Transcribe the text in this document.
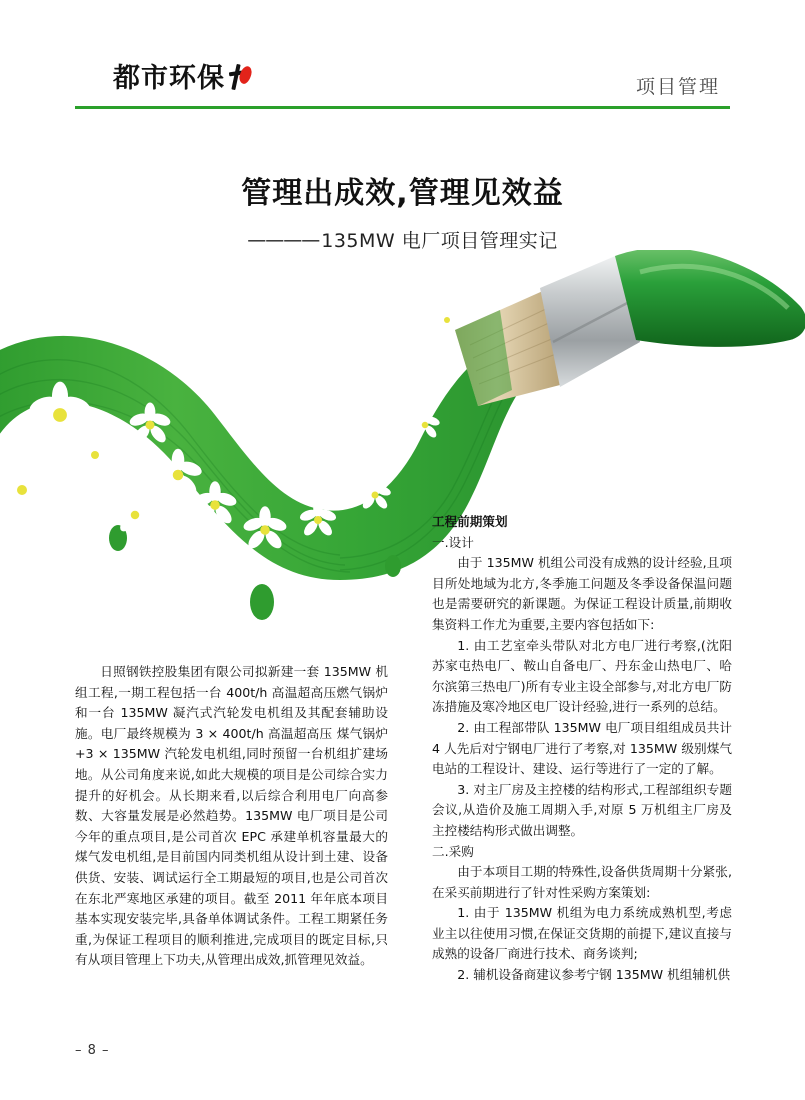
都市环保	项目管理
管理出成效,管理见效益
———— 135MW 电厂项目管理实记

日照钢铁控股集团有限公司拟新建一套 135MW 机组工程,一期工程包括一台 400t/h 高温超高压燃气锅炉和一台 135MW 凝汽式汽轮发电机组及其配套辅助设施。电厂最终规模为 3 × 400t/h 高温超高压 煤气锅炉 +3 × 135MW 汽轮发电机组,同时预留一台机组扩建场地。从公司角度来说,如此大规模的项目是公司综合实力提升的好机会。从长期来看,以后综合利用电厂向高参数、大容量发展是必然趋势。135MW 电厂项目是公司今年的重点项目,是公司首次 EPC 承建单机容量最大的煤气发电机组,是目前国内同类机组从设计到土建、设备供货、安装、调试运行全工期最短的项目,也是公司首次在东北严寒地区承建的项目。截至 2011 年年底本项目基本实现安装完毕,具备单体调试条件。工程工期紧任务重,为保证工程项目的顺利推进,完成项目的既定目标,只有从项目管理上下功夫,从管理出成效,抓管理见效益。

工程前期策划

一.设计

由于 135MW 机组公司没有成熟的设计经验,且项目所处地域为北方,冬季施工问题及冬季设备保温问题也是需要研究的新课题。为保证工程设计质量,前期收集资料工作尤为重要,主要内容包括如下:

1. 由工艺室牵头带队对北方电厂进行考察,(沈阳苏家屯热电厂、鞍山自备电厂、丹东金山热电厂、哈尔滨第三热电厂)所有专业主设全部参与,对北方电厂防冻措施及寒冷地区电厂设计经验,进行一系列的总结。

2. 由工程部带队 135MW 电厂项目组组成员共计 4 人先后对宁钢电厂进行了考察,对 135MW 级别煤气电站的工程设计、建设、运行等进行了一定的了解。

3. 对主厂房及主控楼的结构形式,工程部组织专题会议,从造价及施工周期入手,对原 5 万机组主厂房及主控楼结构形式做出调整。

二.采购

由于本项目工期的特殊性,设备供货周期十分紧张,在采买前期进行了针对性采购方案策划:

1. 由于 135MW 机组为电力系统成熟机型,考虑业主以往使用习惯,在保证交货期的前提下,建议直接与成熟的设备厂商进行技术、商务谈判;

2. 辅机设备商建议参考宁钢 135MW 机组辅机供

– 8 –
